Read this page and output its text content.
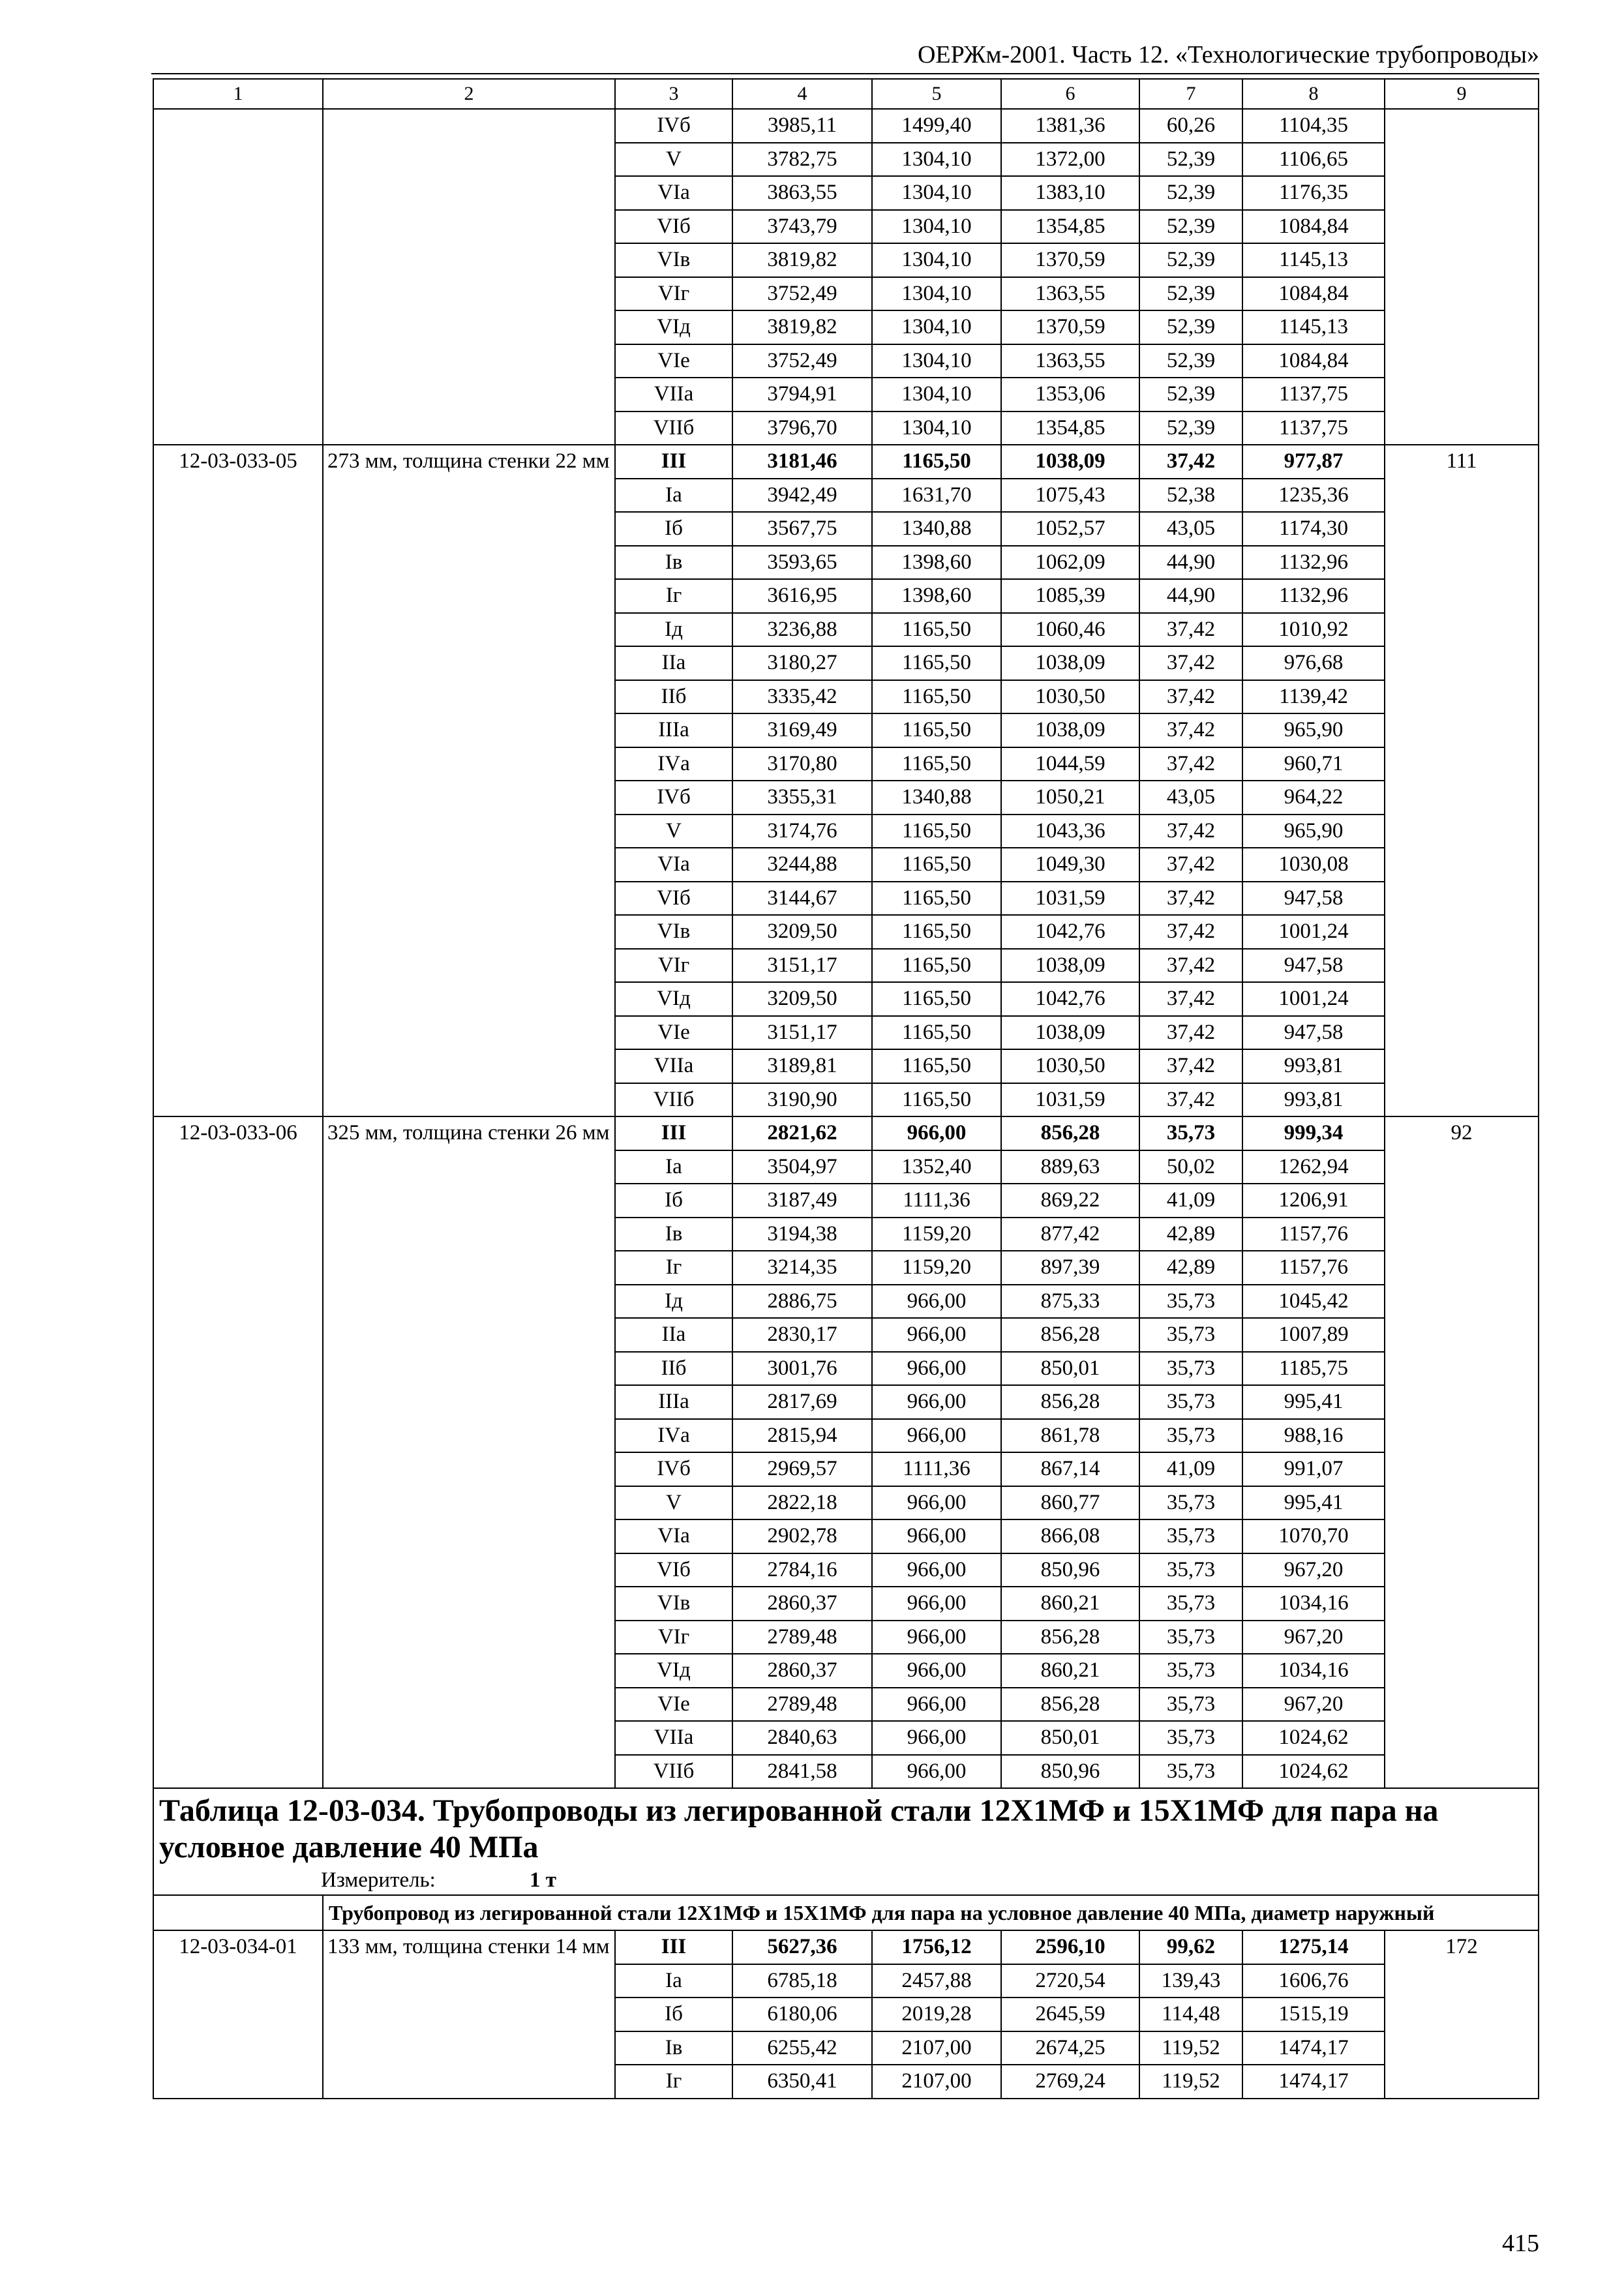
ОЕРЖм-2001. Часть 12. «Технологические трубопроводы»
1	2	3	4	5	6	7	8	9
		IVб	3985,11	1499,40	1381,36	60,26	1104,35	
		V	3782,75	1304,10	1372,00	52,39	1106,65	
		VIа	3863,55	1304,10	1383,10	52,39	1176,35	
		VIб	3743,79	1304,10	1354,85	52,39	1084,84	
		VIв	3819,82	1304,10	1370,59	52,39	1145,13	
		VIг	3752,49	1304,10	1363,55	52,39	1084,84	
		VIд	3819,82	1304,10	1370,59	52,39	1145,13	
		VIе	3752,49	1304,10	1363,55	52,39	1084,84	
		VIIа	3794,91	1304,10	1353,06	52,39	1137,75	
		VIIб	3796,70	1304,10	1354,85	52,39	1137,75	
12-03-033-05	273 мм, толщина стенки 22 мм	III	3181,46	1165,50	1038,09	37,42	977,87	111
		Iа	3942,49	1631,70	1075,43	52,38	1235,36	
		Iб	3567,75	1340,88	1052,57	43,05	1174,30	
		Iв	3593,65	1398,60	1062,09	44,90	1132,96	
		Iг	3616,95	1398,60	1085,39	44,90	1132,96	
		Iд	3236,88	1165,50	1060,46	37,42	1010,92	
		IIа	3180,27	1165,50	1038,09	37,42	976,68	
		IIб	3335,42	1165,50	1030,50	37,42	1139,42	
		IIIа	3169,49	1165,50	1038,09	37,42	965,90	
		IVа	3170,80	1165,50	1044,59	37,42	960,71	
		IVб	3355,31	1340,88	1050,21	43,05	964,22	
		V	3174,76	1165,50	1043,36	37,42	965,90	
		VIа	3244,88	1165,50	1049,30	37,42	1030,08	
		VIб	3144,67	1165,50	1031,59	37,42	947,58	
		VIв	3209,50	1165,50	1042,76	37,42	1001,24	
		VIг	3151,17	1165,50	1038,09	37,42	947,58	
		VIд	3209,50	1165,50	1042,76	37,42	1001,24	
		VIе	3151,17	1165,50	1038,09	37,42	947,58	
		VIIа	3189,81	1165,50	1030,50	37,42	993,81	
		VIIб	3190,90	1165,50	1031,59	37,42	993,81	
12-03-033-06	325 мм, толщина стенки 26 мм	III	2821,62	966,00	856,28	35,73	999,34	92
		Iа	3504,97	1352,40	889,63	50,02	1262,94	
		Iб	3187,49	1111,36	869,22	41,09	1206,91	
		Iв	3194,38	1159,20	877,42	42,89	1157,76	
		Iг	3214,35	1159,20	897,39	42,89	1157,76	
		Iд	2886,75	966,00	875,33	35,73	1045,42	
		IIа	2830,17	966,00	856,28	35,73	1007,89	
		IIб	3001,76	966,00	850,01	35,73	1185,75	
		IIIа	2817,69	966,00	856,28	35,73	995,41	
		IVа	2815,94	966,00	861,78	35,73	988,16	
		IVб	2969,57	1111,36	867,14	41,09	991,07	
		V	2822,18	966,00	860,77	35,73	995,41	
		VIа	2902,78	966,00	866,08	35,73	1070,70	
		VIб	2784,16	966,00	850,96	35,73	967,20	
		VIв	2860,37	966,00	860,21	35,73	1034,16	
		VIг	2789,48	966,00	856,28	35,73	967,20	
		VIд	2860,37	966,00	860,21	35,73	1034,16	
		VIе	2789,48	966,00	856,28	35,73	967,20	
		VIIа	2840,63	966,00	850,01	35,73	1024,62	
		VIIб	2841,58	966,00	850,96	35,73	1024,62	
Таблица 12-03-034. Трубопроводы из легированной стали 12Х1МФ и 15Х1МФ для пара на условное давление 40 МПа								
Измеритель: 1 т								
	Трубопровод из легированной стали 12Х1МФ и 15Х1МФ для пара на условное давление 40 МПа, диаметр наружный							
12-03-034-01	133 мм, толщина стенки 14 мм	III	5627,36	1756,12	2596,10	99,62	1275,14	172
		Iа	6785,18	2457,88	2720,54	139,43	1606,76	
		Iб	6180,06	2019,28	2645,59	114,48	1515,19	
		Iв	6255,42	2107,00	2674,25	119,52	1474,17	
		Iг	6350,41	2107,00	2769,24	119,52	1474,17	
415
